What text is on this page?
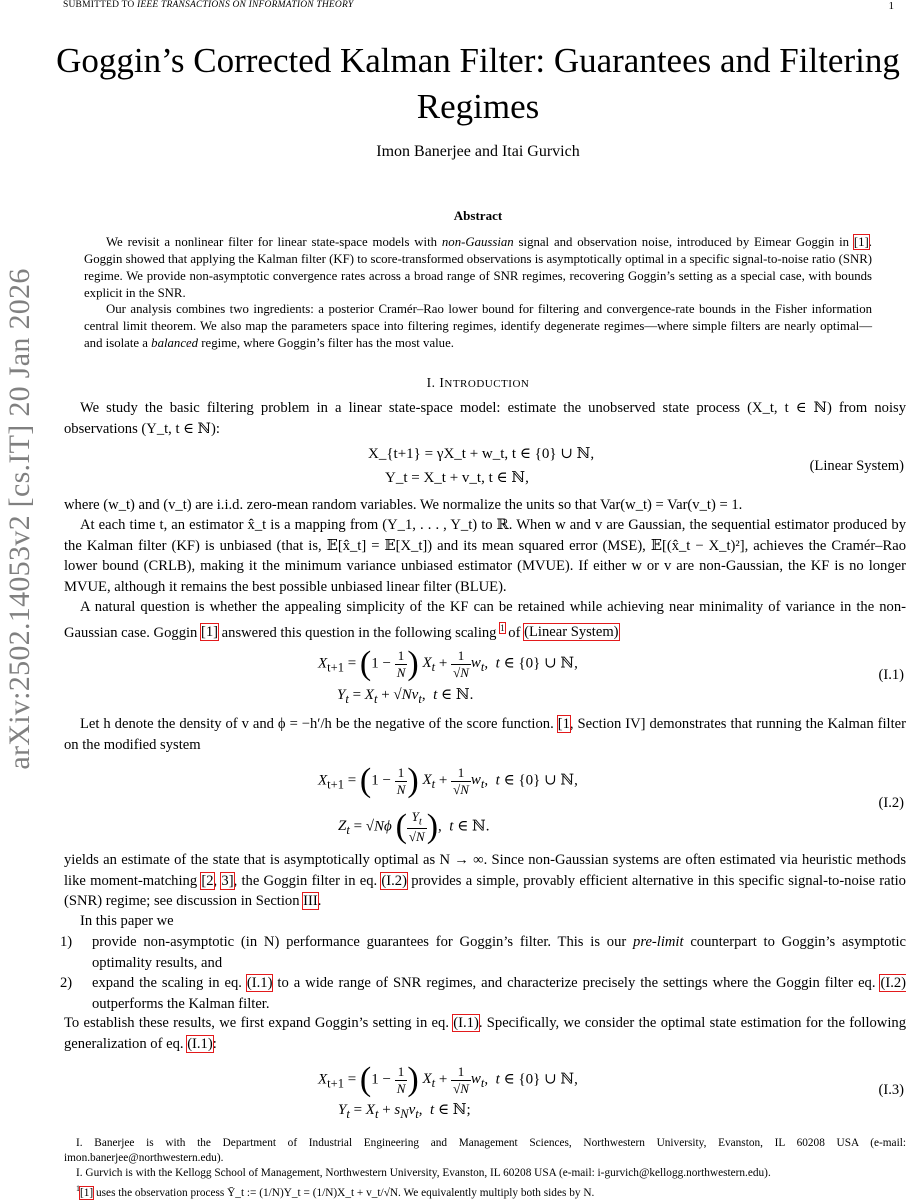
SUBMITTED TO IEEE TRANSACTIONS ON INFORMATION THEORY	1
arXiv:2502.14053v2 [cs.IT] 20 Jan 2026
Goggin’s Corrected Kalman Filter: Guarantees and Filtering Regimes
Imon Banerjee and Itai Gurvich
Abstract
We revisit a nonlinear filter for linear state-space models with non-Gaussian signal and observation noise, introduced by Eimear Goggin in [1]. Goggin showed that applying the Kalman filter (KF) to score-transformed observations is asymptotically optimal in a specific signal-to-noise ratio (SNR) regime. We provide non-asymptotic convergence rates across a broad range of SNR regimes, recovering Goggin’s setting as a special case, with bounds explicit in the SNR.
Our analysis combines two ingredients: a posterior Cramér–Rao lower bound for filtering and convergence-rate bounds in the Fisher information central limit theorem. We also map the parameters space into filtering regimes, identify degenerate regimes—where simple filters are nearly optimal—and isolate a balanced regime, where Goggin’s filter has the most value.
I. INTRODUCTION
We study the basic filtering problem in a linear state-space model: estimate the unobserved state process (X_t, t ∈ ℕ) from noisy observations (Y_t, t ∈ ℕ):
X_{t+1} = γX_t + w_t, t ∈ {0} ∪ ℕ,
Y_t = X_t + v_t, t ∈ ℕ,
(Linear System)
where (w_t) and (v_t) are i.i.d. zero-mean random variables. We normalize the units so that Var(w_t) = Var(v_t) = 1.
At each time t, an estimator x̂_t is a mapping from (Y_1, . . . , Y_t) to ℝ. When w and v are Gaussian, the sequential estimator produced by the Kalman filter (KF) is unbiased (that is, 𝔼[x̂_t] = 𝔼[X_t]) and its mean squared error (MSE), 𝔼[(x̂_t − X_t)²], achieves the Cramér–Rao lower bound (CRLB), making it the minimum variance unbiased estimator (MVUE). If either w or v are non-Gaussian, the KF is no longer MVUE, although it remains the best possible unbiased linear filter (BLUE).
A natural question is whether the appealing simplicity of the KF can be retained while achieving near minimality of variance in the non-Gaussian case. Goggin [1] answered this question in the following scaling $^1$ of (Linear System)
$X_{t+1} = (1 - \frac{1}{N}$ ) $X_t + \frac{1}{√N} w_t$,  t ∈ {0} ∪ ℕ,
$Y_t = X_t + √Nv_t$,  t ∈ ℕ.
(I.1)
Let h denote the density of v and ϕ = −h′/h be the negative of the score function. [1, Section IV] demonstrates that running the Kalman filter on the modified system
$X_{t+1} = (1 - \frac{1}{N}$ ) $X_t + \frac{1}{√N} w_t$,  t ∈ {0} ∪ ℕ,
$Z_t = √N\phi$ ( $\frac{Y_t}{√N}$ ),  t ∈ ℕ.
(I.2)
yields an estimate of the state that is asymptotically optimal as N → ∞. Since non-Gaussian systems are often estimated via heuristic methods like moment-matching [2, 3], the Goggin filter in eq. (I.2) provides a simple, provably efficient alternative in this specific signal-to-noise ratio (SNR) regime; see discussion in Section III.
In this paper we
1) provide non-asymptotic (in N) performance guarantees for Goggin’s filter. This is our pre-limit counterpart to Goggin’s asymptotic optimality results, and
2) expand the scaling in eq. (I.1) to a wide range of SNR regimes, and characterize precisely the settings where the Goggin filter eq. (I.2) outperforms the Kalman filter.
To establish these results, we first expand Goggin’s setting in eq. (I.1). Specifically, we consider the optimal state estimation for the following generalization of eq. (I.1):
$X_{t+1} = (1 - \frac{1}{N}$ ) $X_t + \frac{1}{√N} w_t$,  t ∈ {0} ∪ ℕ,
$Y_t = X_t + s_Nv_t$,  t ∈ ℕ;
(I.3)
I. Banerjee is with the Department of Industrial Engineering and Management Sciences, Northwestern University, Evanston, IL 60208 USA (e-mail: imon.banerjee@northwestern.edu).
I. Gurvich is with the Kellogg School of Management, Northwestern University, Evanston, IL 60208 USA (e-mail: i-gurvich@kellogg.northwestern.edu).
$^1$[1] uses the observation process Ȳ_t := (1/N)Y_t = (1/N)X_t + v_t/√N. We equivalently multiply both sides by N.
